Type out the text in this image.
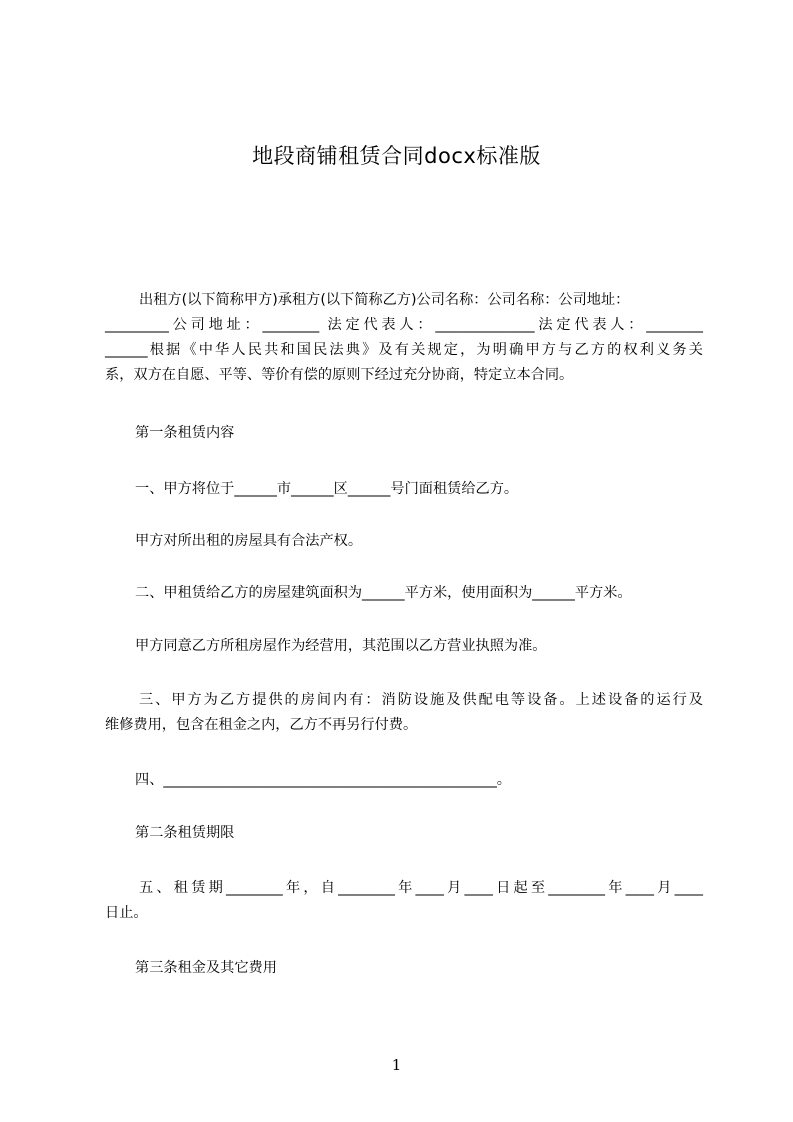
地段商铺租赁合同docx标准版
出租方(以下简称甲方)承租方(以下简称乙方)公司名称：公司名称：公司地址：
_________公司地址：________ 法定代表人：______________法定代表人：________
______根据《中华人民共和国民法典》及有关规定，为明确甲方与乙方的权利义务关
系，双方在自愿、平等、等价有偿的原则下经过充分协商，特定立本合同。
第一条租赁内容
一、甲方将位于______市______区______号门面租赁给乙方。
甲方对所出租的房屋具有合法产权。
二、甲租赁给乙方的房屋建筑面积为______平方米，使用面积为______平方米。
甲方同意乙方所租房屋作为经营用，其范围以乙方营业执照为准。
三、甲方为乙方提供的房间内有：消防设施及供配电等设备。上述设备的运行及
维修费用，包含在租金之内，乙方不再另行付费。
四、_______________________________________________。
第二条租赁期限
五、租赁期________年，自________年____月____日起至________年____月____
日止。
第三条租金及其它费用
1
